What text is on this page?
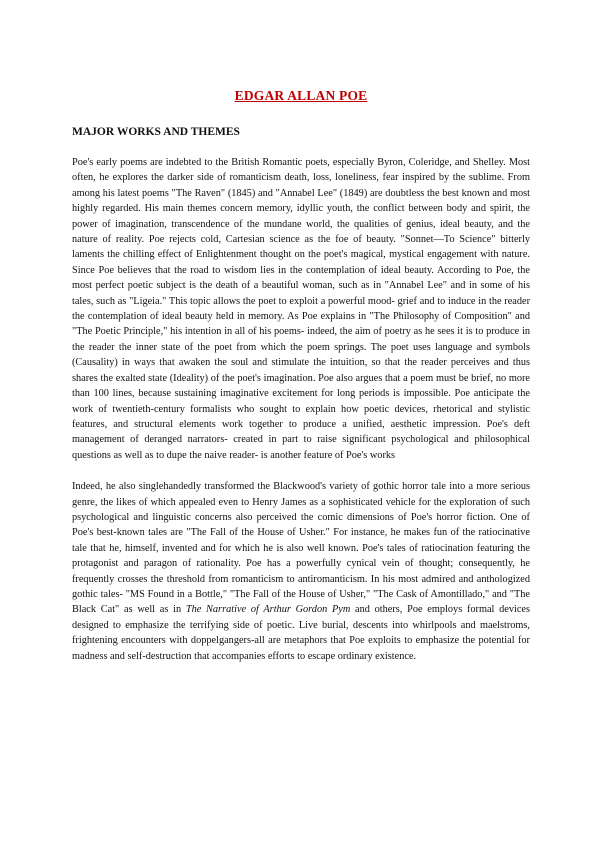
EDGAR ALLAN POE
MAJOR WORKS AND THEMES

Poe's early poems are indebted to the British Romantic poets, especially Byron, Coleridge, and Shelley. Most often, he explores the darker side of romanticism death, loss, loneliness, fear inspired by the sublime. From among his latest poems "The Raven" (1845) and "Annabel Lee" (1849) are doubtless the best known and most highly regarded. His main themes concern memory, idyllic youth, the conflict between body and spirit, the power of imagination, transcendence of the mundane world, the qualities of genius, ideal beauty, and the nature of reality. Poe rejects cold, Cartesian science as the foe of beauty. "Sonnet—To Science" bitterly laments the chilling effect of Enlightenment thought on the poet's magical, mystical engagement with nature. Since Poe believes that the road to wisdom lies in the contemplation of ideal beauty. According to Poe, the most perfect poetic subject is the death of a beautiful woman, such as in "Annabel Lee" and in some of his tales, such as "Ligeia." This topic allows the poet to exploit a powerful mood- grief and to induce in the reader the contemplation of ideal beauty held in memory. As Poe explains in "The Philosophy of Composition" and "The Poetic Principle," his intention in all of his poems- indeed, the aim of poetry as he sees it is to produce in the reader the inner state of the poet from which the poem springs. The poet uses language and symbols (Causality) in ways that awaken the soul and stimulate the intuition, so that the reader perceives and thus shares the exalted state (Ideality) of the poet's imagination. Poe also argues that a poem must be brief, no more than 100 lines, because sustaining imaginative excitement for long periods is impossible. Poe anticipate the work of twentieth-century formalists who sought to explain how poetic devices, rhetorical and stylistic features, and structural elements work together to produce a unified, aesthetic impression. Poe's deft management of deranged narrators- created in part to raise significant psychological and philosophical questions as well as to dupe the naive reader- is another feature of Poe's works

Indeed, he also singlehandedly transformed the Blackwood's variety of gothic horror tale into a more serious genre, the likes of which appealed even to Henry James as a sophisticated vehicle for the exploration of such psychological and linguistic concerns also perceived the comic dimensions of Poe's horror fiction. One of Poe's best-known tales are "The Fall of the House of Usher." For instance, he makes fun of the ratiocinative tale that he, himself, invented and for which he is also well known. Poe's tales of ratiocination featuring the protagonist and paragon of rationality. Poe has a powerfully cynical vein of thought; consequently, he frequently crosses the threshold from romanticism to antiromanticism. In his most admired and anthologized gothic tales- "MS Found in a Bottle," "The Fall of the House of Usher," "The Cask of Amontillado," and "The Black Cat" as well as in The Narrative of Arthur Gordon Pym and others, Poe employs formal devices designed to emphasize the terrifying side of poetic. Live burial, descents into whirlpools and maelstroms, frightening encounters with doppelgangers-all are metaphors that Poe exploits to emphasize the potential for madness and self-destruction that accompanies efforts to escape ordinary existence.
